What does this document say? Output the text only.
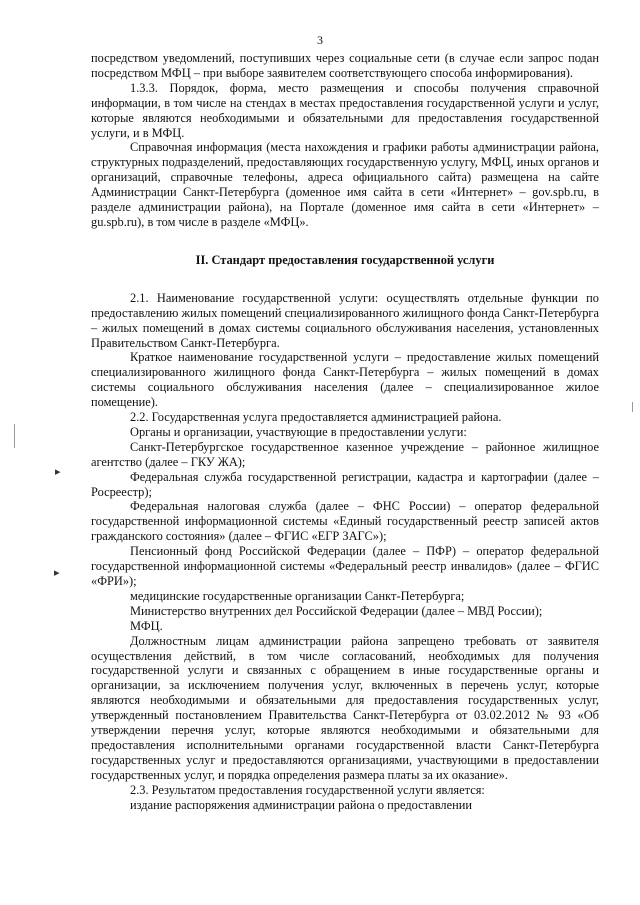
3

посредством уведомлений, поступивших через социальные сети (в случае если запрос подан посредством МФЦ – при выборе заявителем соответствующего способа информирования).

1.3.3. Порядок, форма, место размещения и способы получения справочной информации, в том числе на стендах в местах предоставления государственной услуги и услуг, которые являются необходимыми и обязательными для предоставления государственной услуги, и в МФЦ.

Справочная информация (места нахождения и графики работы администрации района, структурных подразделений, предоставляющих государственную услугу, МФЦ, иных органов и организаций, справочные телефоны, адреса официального сайта) размещена на сайте Администрации Санкт-Петербурга (доменное имя сайта в сети «Интернет» – gov.spb.ru, в разделе администрации района), на Портале (доменное имя сайта в сети «Интернет» – gu.spb.ru), в том числе в разделе «МФЦ».

II. Стандарт предоставления государственной услуги

2.1. Наименование государственной услуги: осуществлять отдельные функции по предоставлению жилых помещений специализированного жилищного фонда Санкт-Петербурга – жилых помещений в домах системы социального обслуживания населения, установленных Правительством Санкт-Петербурга.

Краткое наименование государственной услуги – предоставление жилых помещений специализированного жилищного фонда Санкт-Петербурга – жилых помещений в домах системы социального обслуживания населения (далее – специализированное жилое помещение).

2.2. Государственная услуга предоставляется администрацией района.

Органы и организации, участвующие в предоставлении услуги:

Санкт-Петербургское государственное казенное учреждение – районное жилищное агентство (далее – ГКУ ЖА);

Федеральная служба государственной регистрации, кадастра и картографии (далее – Росреестр);

Федеральная налоговая служба (далее – ФНС России) – оператор федеральной государственной информационной системы «Единый государственный реестр записей актов гражданского состояния» (далее – ФГИС «ЕГР ЗАГС»);

Пенсионный фонд Российской Федерации (далее – ПФР) – оператор федеральной государственной информационной системы «Федеральный реестр инвалидов» (далее – ФГИС «ФРИ»);

медицинские государственные организации Санкт-Петербурга;

Министерство внутренних дел Российской Федерации (далее – МВД России);

МФЦ.

Должностным лицам администрации района запрещено требовать от заявителя осуществления действий, в том числе согласований, необходимых для получения государственной услуги и связанных с обращением в иные государственные органы и организации, за исключением получения услуг, включенных в перечень услуг, которые являются необходимыми и обязательными для предоставления государственных услуг, утвержденный постановлением Правительства Санкт-Петербурга от 03.02.2012 № 93 «Об утверждении перечня услуг, которые являются необходимыми и обязательными для предоставления исполнительными органами государственной власти Санкт-Петербурга государственных услуг и предоставляются организациями, участвующими в предоставлении государственных услуг, и порядка определения размера платы за их оказание».

2.3. Результатом предоставления государственной услуги является:

издание распоряжения администрации района о предоставлении

▸
▸
